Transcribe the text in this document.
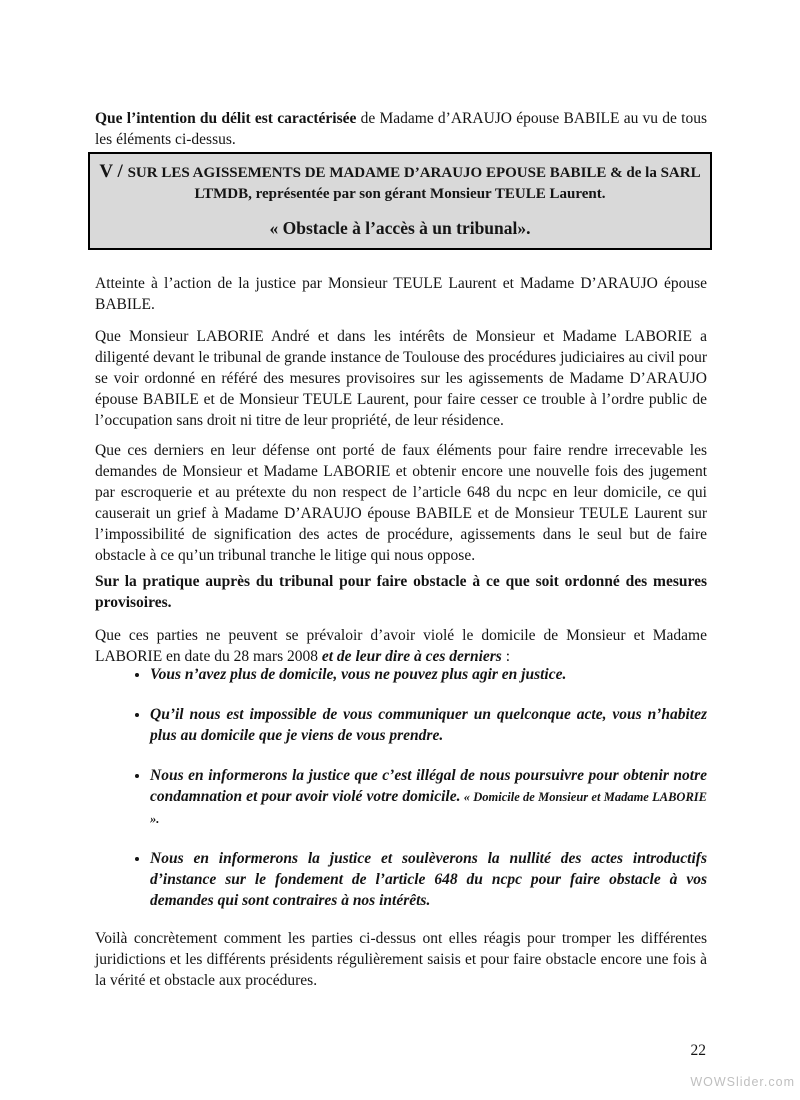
Que l’intention du délit est caractérisée de Madame d’ARAUJO épouse BABILE au vu de tous les éléments ci-dessus.

V / SUR LES AGISSEMENTS DE MADAME D’ARAUJO EPOUSE BABILE & de la SARL LTMDB, représentée par son gérant Monsieur TEULE Laurent.
« Obstacle à l’accès à un tribunal».

Atteinte à l’action de la justice par Monsieur TEULE Laurent et Madame D’ARAUJO épouse BABILE.

Que Monsieur LABORIE André et dans les intérêts de Monsieur et Madame LABORIE a diligenté devant le tribunal de grande instance de Toulouse des procédures judiciaires au civil pour se voir ordonné en référé des mesures provisoires sur les agissements de Madame D’ARAUJO épouse BABILE et de Monsieur TEULE Laurent, pour faire cesser ce trouble à l’ordre public de l’occupation sans droit ni titre de leur propriété, de leur résidence.

Que ces derniers en leur défense ont porté de faux éléments pour faire rendre irrecevable les demandes de Monsieur et Madame LABORIE et obtenir encore une nouvelle fois des jugement par escroquerie et au prétexte du non respect de l’article 648 du ncpc en leur domicile, ce qui causerait un grief à Madame D’ARAUJO épouse BABILE et de Monsieur TEULE Laurent sur l’impossibilité de signification des actes de procédure, agissements dans le seul but de faire obstacle à ce qu’un tribunal tranche le litige qui nous oppose.

Sur la pratique auprès du tribunal pour faire obstacle à ce que soit ordonné des mesures provisoires.

Que ces parties ne peuvent se prévaloir d’avoir violé le domicile de Monsieur et Madame LABORIE en date du 28 mars 2008 et de leur dire à ces derniers :

• Vous n’avez plus de domicile, vous ne pouvez plus agir en justice.
• Qu’il nous est impossible de vous communiquer un quelconque acte, vous n’habitez plus au domicile que je viens de vous prendre.
• Nous en informerons la justice que c’est illégal de nous poursuivre pour obtenir notre condamnation et pour avoir violé votre domicile. « Domicile de Monsieur et Madame LABORIE ».
• Nous en informerons la justice et soulèverons la nullité des actes introductifs d’instance sur le fondement de l’article 648 du ncpc pour faire obstacle à vos demandes qui sont contraires à nos intérêts.

Voilà concrètement comment les parties ci-dessus ont elles réagis pour tromper les différentes juridictions et les différents présidents régulièrement saisis et pour faire obstacle encore une fois à la vérité et obstacle aux procédures.

22
WOWSlider.com
